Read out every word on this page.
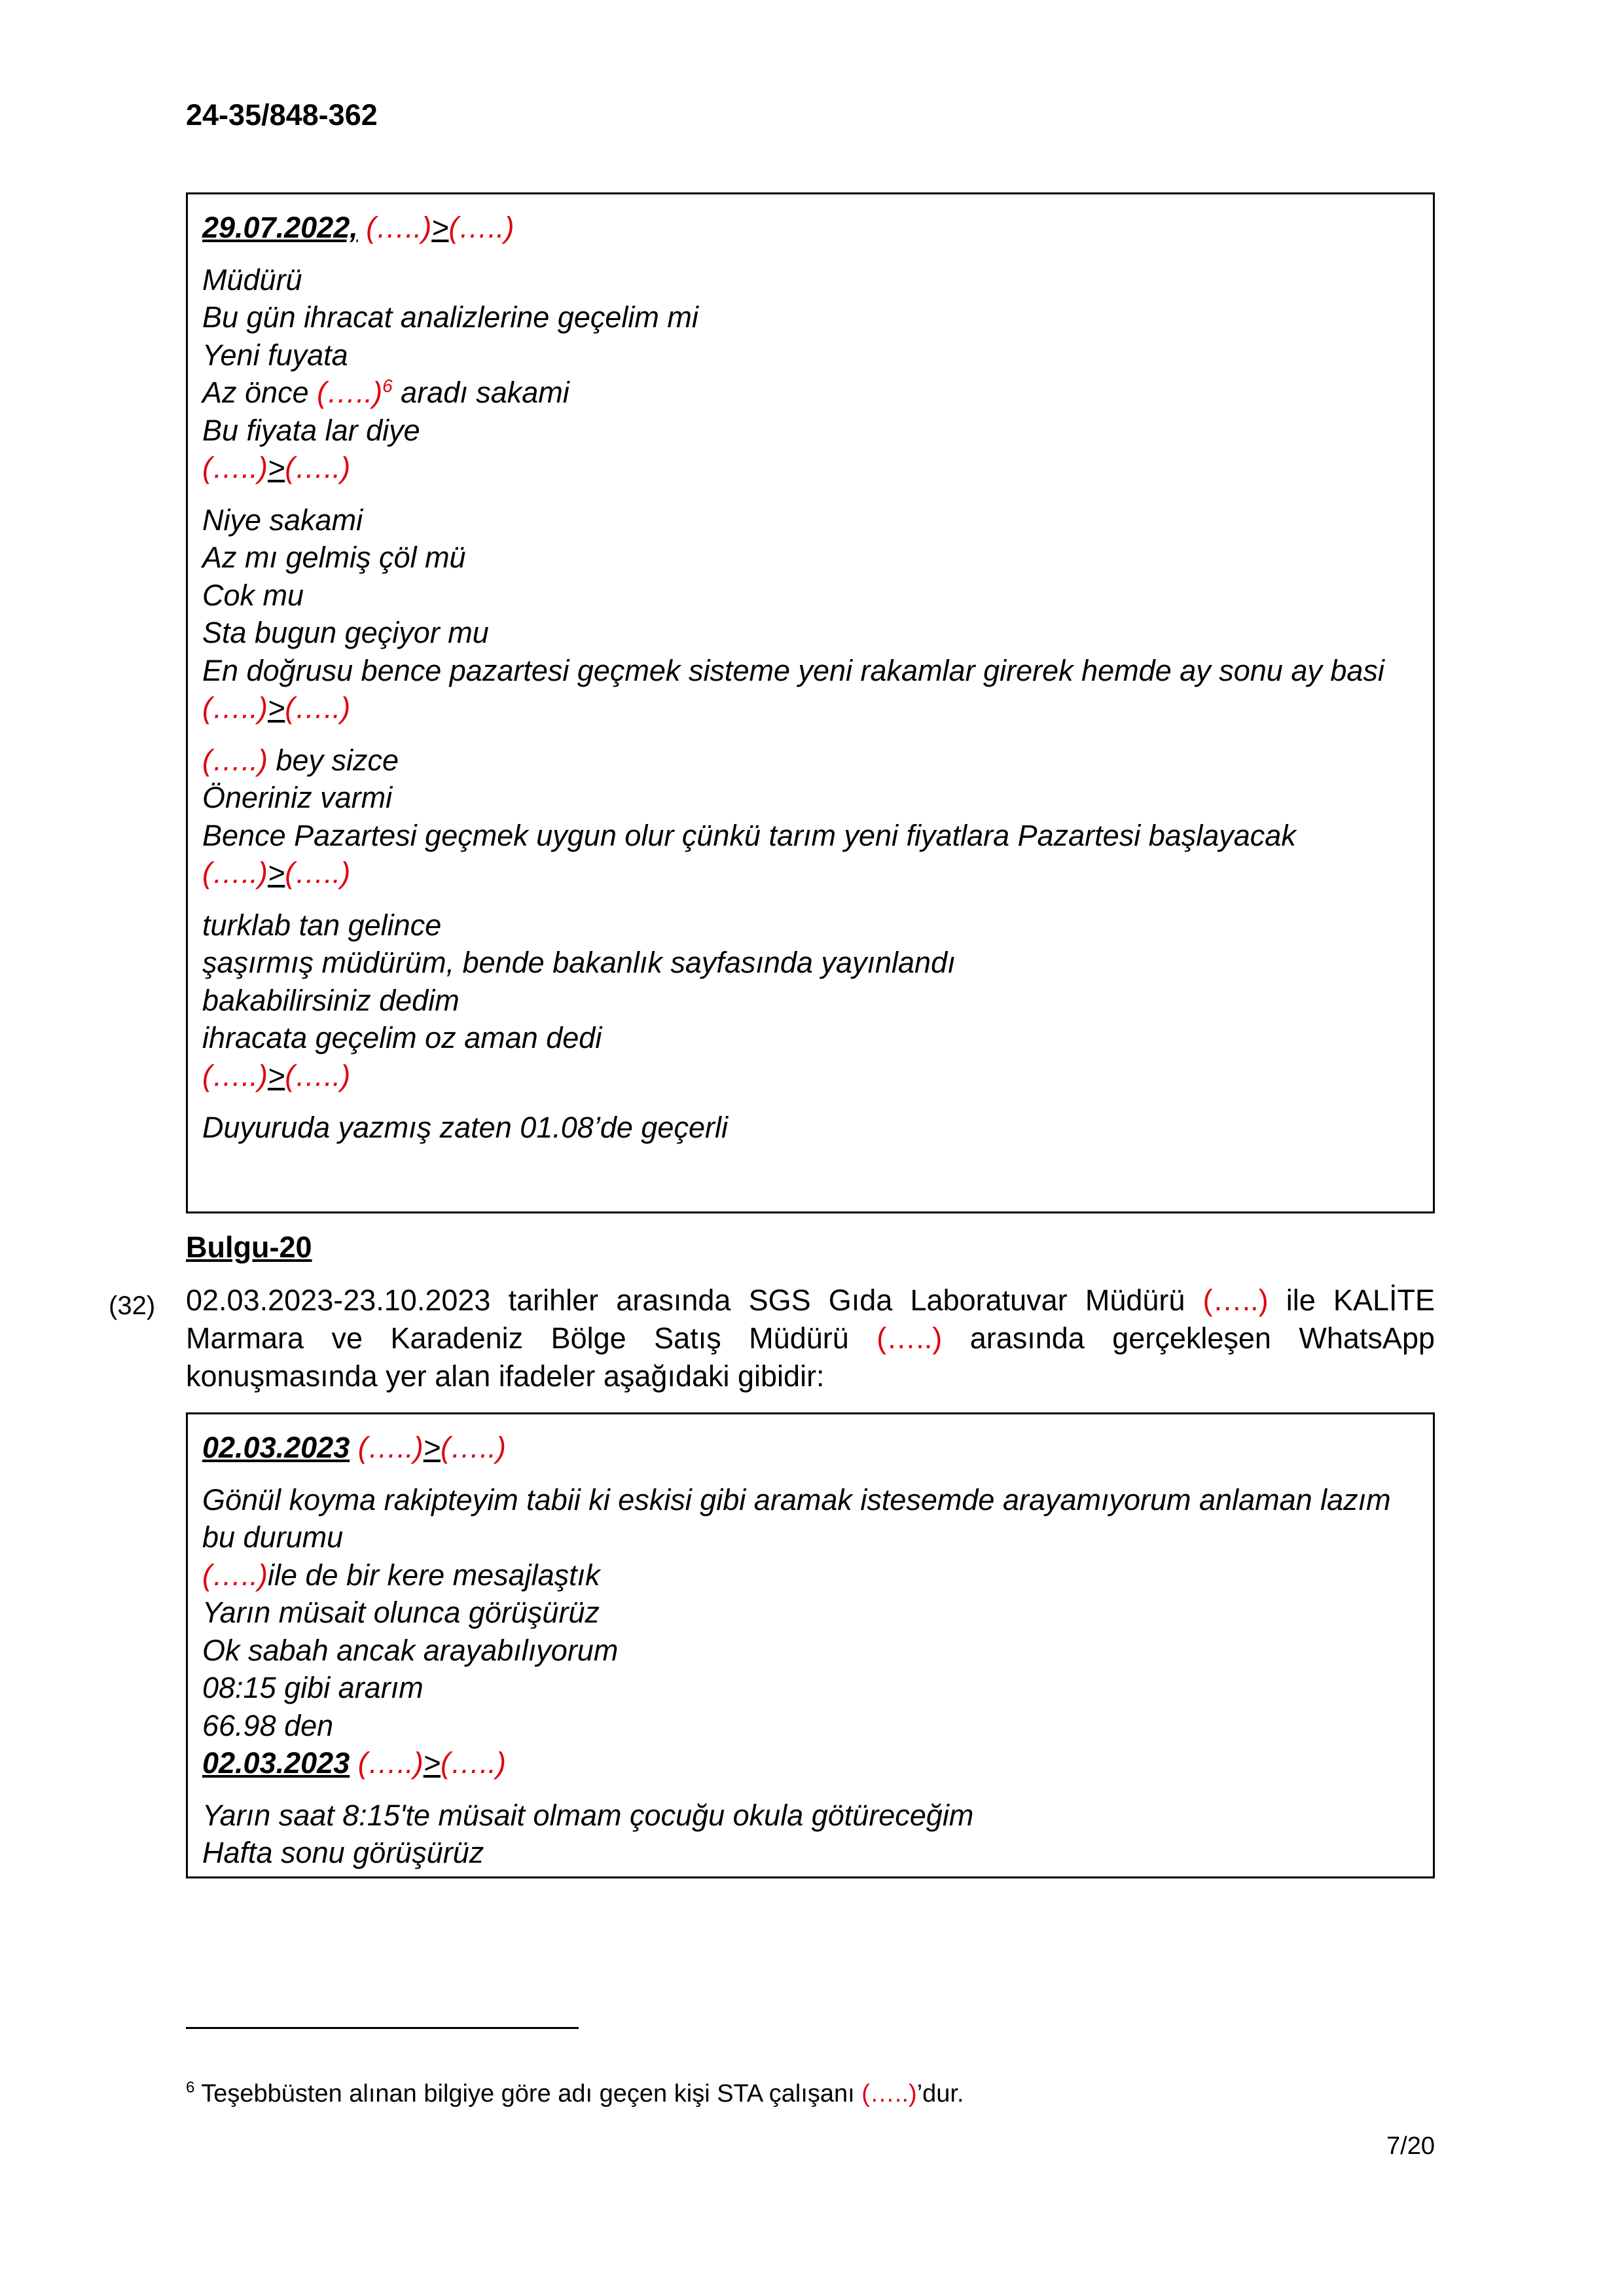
24-35/848-362
29.07.2022, (…..)>(…..)
Müdürü
Bu gün ihracat analizlerine geçelim mi
Yeni fuyata
Az önce (…..)$^6$ aradı sakami
Bu fiyata lar diye
(…..)>(…..)
Niye sakami
Az mı gelmiş çöl mü
Cok mu
Sta bugun geçiyor mu
En doğrusu bence pazartesi geçmek sisteme yeni rakamlar girerek hemde ay sonu ay basi
(…..)>(…..)
(…..) bey sizce
Öneriniz varmi
Bence Pazartesi geçmek uygun olur çünkü tarım yeni fiyatlara Pazartesi başlayacak
(…..)>(…..)
turklab tan gelince
şaşırmış müdürüm, bende bakanlık sayfasında yayınlandı
bakabilirsiniz dedim
ihracata geçelim oz aman dedi
(…..)>(…..)
Duyuruda yazmış zaten 01.08’de geçerli
Bulgu-20
(32) 02.03.2023-23.10.2023 tarihler arasında SGS Gıda Laboratuvar Müdürü (…..) ile KALİTE Marmara ve Karadeniz Bölge Satış Müdürü (…..) arasında gerçekleşen WhatsApp konuşmasında yer alan ifadeler aşağıdaki gibidir:
02.03.2023 (…..)>(…..)
Gönül koyma rakipteyim tabii ki eskisi gibi aramak istesemde arayamıyorum anlaman lazım bu durumu
(…..)ile de bir kere mesajlaştık
Yarın müsait olunca görüşürüz
Ok sabah ancak arayabılıyorum
08:15 gibi ararım
66.98 den
02.03.2023 (…..)>(…..)
Yarın saat 8:15'te müsait olmam çocuğu okula götüreceğim
Hafta sonu görüşürüz
$^6$ Teşebbüsten alınan bilgiye göre adı geçen kişi STA çalışanı (…..)’dur.
7/20
